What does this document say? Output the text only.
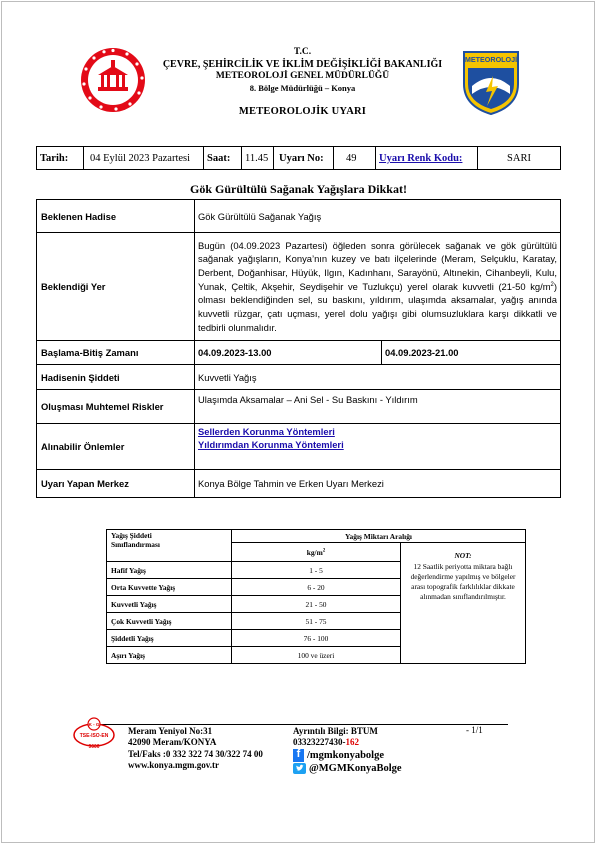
METEOROLOJİ
T.C.
ÇEVRE, ŞEHİRCİLİK VE İKLİM DEĞİŞİKLİĞİ BAKANLIĞI
METEOROLOJİ GENEL MÜDÜRLÜĞÜ
8. Bölge Müdürlüğü – Konya
METEOROLOJİK UYARI
Tarih:	04 Eylül 2023 Pazartesi	Saat:	11.45	Uyarı No:	49	Uyarı Renk Kodu:	SARI
Gök Gürültülü Sağanak Yağışlara Dikkat!
Beklenen Hadise	Gök Gürültülü Sağanak Yağış	
Beklendiği Yer	Bugün (04.09.2023 Pazartesi) öğleden sonra görülecek sağanak ve gök gürültülü sağanak yağışların, Konya’nın kuzey ve batı ilçelerinde (Meram, Selçuklu, Karatay, Derbent, Doğanhisar, Hüyük, Ilgın, Kadınhanı, Sarayönü, Altınekin, Cihanbeyli, Kulu, Yunak, Çeltik, Akşehir, Seydişehir ve Tuzlukçu) yerel olarak kuvvetli (21-50 $kg/m^2$) olması beklendiğinden sel, su baskını, yıldırım, ulaşımda aksamalar, yağış anında kuvvetli rüzgar, çatı uçması, yerel dolu yağışı gibi olumsuzluklara karşı dikkatli ve tedbirli olunmalıdır.	
Başlama-Bitiş Zamanı	04.09.2023-13.00	04.09.2023-21.00
Hadisenin Şiddeti	Kuvvetli Yağış	
Oluşması Muhtemel Riskler	Ulaşımda Aksamalar – Ani Sel - Su Baskını - Yıldırım	
Alınabilir Önlemler	Sellerden Korunma Yöntemleri
Yıldırımdan Korunma Yöntemleri	

Uyarı Yapan Merkez	Konya Bölge Tahmin ve Erken Uyarı Merkezi	
Yağış Şiddeti
Sınıflandırması	Yağış Miktarı Aralığı	
	$kg/m^2$	NOT:
12 Saatlik periyotta miktara bağlı değerlendirme yapılmış ve bölgeler arası topografik farklılıklar dikkate alınmadan sınıflandırılmıştır.

Hafif Yağış	1 - 5	
Orta Kuvvette Yağış	6 - 20	
Kuvvetli Yağış	21 - 50	
Çok Kuvvetli Yağış	51 - 75	
Şiddetli Yağış	76 - 100	
Aşırı Yağış	100 ve üzeri	
K - G
TSE-ISO-EN
9000
Meram Yeniyol No:31
42090 Meram/KONYA
Tel/Faks :0 332 322 74 30/322 74 00
www.konya.mgm.gov.tr
Ayrıntılı Bilgi: BTUM
03323227430-162
f /mgmkonyabolge
@MGMKonyaBolge
- 1/1
